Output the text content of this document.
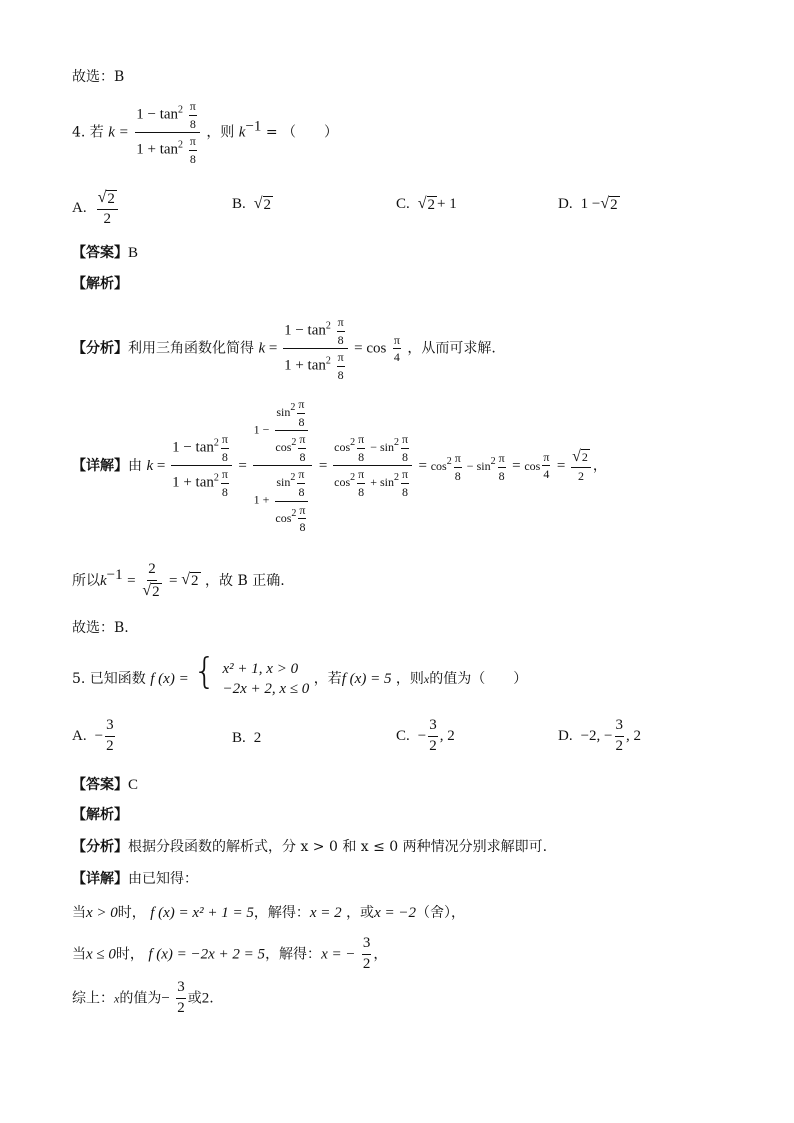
故选：B
4. 若 $k = \frac{1 - \tan^2 \frac{\pi}{8}}{1 + \tan^2 \frac{\pi}{8}}$ ，则 $k^{-1}$ = （　　）
A. $\frac{√ 2}{2}$	B. √ 2	C. √ 2 + 1	D. 1 − √ 2
【答案】B
【解析】
【分析】利用三角函数化简得 $k = \frac{1 - \tan^2 \frac{\pi}{8}}{1 + \tan^2 \frac{\pi}{8}} = \cos \frac{\pi}{4}$ ，从而可求解.
【详解】由 $k = \frac{1 - \tan^2 \frac{\pi}{8}}{1 + \tan^2 \frac{\pi}{8}} = \frac{1 - \frac{\sin^2 \frac{\pi}{8}}{\cos^2 \frac{\pi}{8}}}{1 + \frac{\sin^2 \frac{\pi}{8}}{\cos^2 \frac{\pi}{8}}} = \frac{\cos^2 \frac{\pi}{8} - \sin^2 \frac{\pi}{8}}{\cos^2 \frac{\pi}{8} + \sin^2 \frac{\pi}{8}} = \cos^2 \frac{\pi}{8} - \sin^2 \frac{\pi}{8} = \cos \frac{\pi}{4} = \frac{√ 2}{2}$ ，
所以$k^{-1} = \frac{2}{√ 2}$ = √ 2 ，故 B 正确.
故选：B.
5. 已知函数 f (x) = { x² + 1, x > 0
−2x + 2, x ≤ 0
，若f (x) = 5 ，则x的值为（　　）
A. − $\frac{3}{2}$	B. 2	C. − $\frac{3}{2}$ , 2	D. −2, − $\frac{3}{2}$ , 2
【答案】C
【解析】
【分析】根据分段函数的解析式，分 x > 0 和 x ≤ 0 两种情况分别求解即可.
【详解】由已知得：
当x > 0时， f (x) = x² + 1 = 5，解得：x = 2 ，或x = −2（舍），
当x ≤ 0时， f (x) = −2x + 2 = 5，解得：x = − $\frac{3}{2}$ ，
综上：x的值为− $\frac{3}{2}$ 或2.
